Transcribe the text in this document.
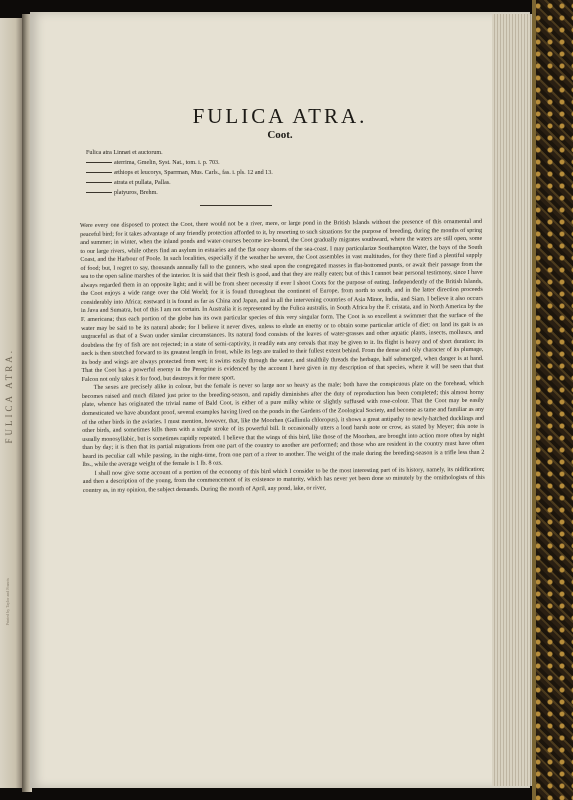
FULICA ATRA.
Printed by Taylor and Francis
FULICA ATRA.
Coot.
Fulica atra Linnæi et auctorum.
aterrima, Gmelin, Syst. Nat., tom. i. p. 703.
æthiops et leucorys, Sparrman, Mus. Carls., fas. i. pls. 12 and 13.
atrata et pullata, Pallas.
platyuros, Brehm.

Were every one disposed to protect the Coot, there would not be a river, mere, or large pond in the British Islands without the presence of this ornamental and peaceful bird; for it takes advantage of any friendly protection afforded to it, by resorting to such situations for the purpose of breeding, during the months of spring and summer; in winter, when the inland ponds and water-courses become ice-bound, the Coot gradually migrates southward, where the waters are still open, some to our large rivers, while others find an asylum in estuaries and the flat oozy shores of the sea-coast. I may particularize Southampton Water, the bays of the South Coast, and the Harbour of Poole. In such localities, especially if the weather be severe, the Coot assembles in vast multitudes, for they there find a plentiful supply of food; but, I regret to say, thousands annually fall to the gunners, who steal upon the congregated masses in flat-bottomed punts, or await their passage from the sea to the open saline marshes of the interior. It is said that their flesh is good, and that they are really eaten; but of this I cannot bear personal testimony, since I have always regarded them in an opposite light; and it will be from sheer necessity if ever I shoot Coots for the purpose of eating. Independently of the British Islands, the Coot enjoys a wide range over the Old World; for it is found throughout the continent of Europe, from north to south, and in the latter direction proceeds considerably into Africa; eastward it is found as far as China and Japan, and in all the intervening countries of Asia Minor, India, and Siam. I believe it also occurs in Java and Sumatra, but of this I am not certain. In Australia it is represented by the Fulica australis, in South Africa by the F. cristata, and in North America by the F. americana; thus each portion of the globe has its own particular species of this very singular form. The Coot is so excellent a swimmer that the surface of the water may be said to be its natural abode; for I believe it never dives, unless to elude an enemy or to obtain some particular article of diet: on land its gait is as ungraceful as that of a Swan under similar circumstances. Its natural food consists of the leaves of water-grasses and other aquatic plants, insects, molluscs, and doubtless the fry of fish are not rejected; in a state of semi-captivity, it readily eats any cereals that may be given to it. Its flight is heavy and of short duration; its neck is then stretched forward to its greatest length in front, while its legs are trailed to their fullest extent behind. From the dense and oily character of its plumage, its body and wings are always protected from wet; it swims easily through the water, and stealthily threads the herbage, half submerged, when danger is at hand. That the Coot has a powerful enemy in the Peregrine is evidenced by the account I have given in my description of that species, where it will be seen that that Falcon not only takes it for food, but destroys it for mere sport.

The sexes are precisely alike in colour, but the female is never so large nor so heavy as the male; both have the conspicuous plate on the forehead, which becomes raised and much dilated just prior to the breeding-season, and rapidly diminishes after the duty of reproduction has been completed; this almost horny plate, whence has originated the trivial name of Bald Coot, is either of a pure milky white or slightly suffused with rose-colour. That the Coot may be easily domesticated we have abundant proof, several examples having lived on the ponds in the Gardens of the Zoological Society, and become as tame and familiar as any of the other birds in the aviaries. I must mention, however, that, like the Moorhen (Gallinula chloropus), it shows a great antipathy to newly-hatched ducklings and other birds, and sometimes kills them with a single stroke of its powerful bill. It occasionally utters a loud harsh note or crow, as stated by Meyer; this note is usually monosyllabic, but is sometimes rapidly repeated. I believe that the wings of this bird, like those of the Moorhen, are brought into action more often by night than by day; it is then that its partial migrations from one part of the country to another are performed; and those who are resident in the country must have often heard its peculiar call while passing, in the night-time, from one part of a river to another. The weight of the male during the breeding-season is a trifle less than 2 lbs., while the average weight of the female is 1 lb. 8 ozs.

I shall now give some account of a portion of the economy of this bird which I consider to be the most interesting part of its history, namely, its nidification; and then a description of the young, from the commencement of its existence to maturity, which has never yet been done so minutely by the ornithologists of this country as, in my opinion, the subject demands. During the month of April, any pond, lake, or river,
